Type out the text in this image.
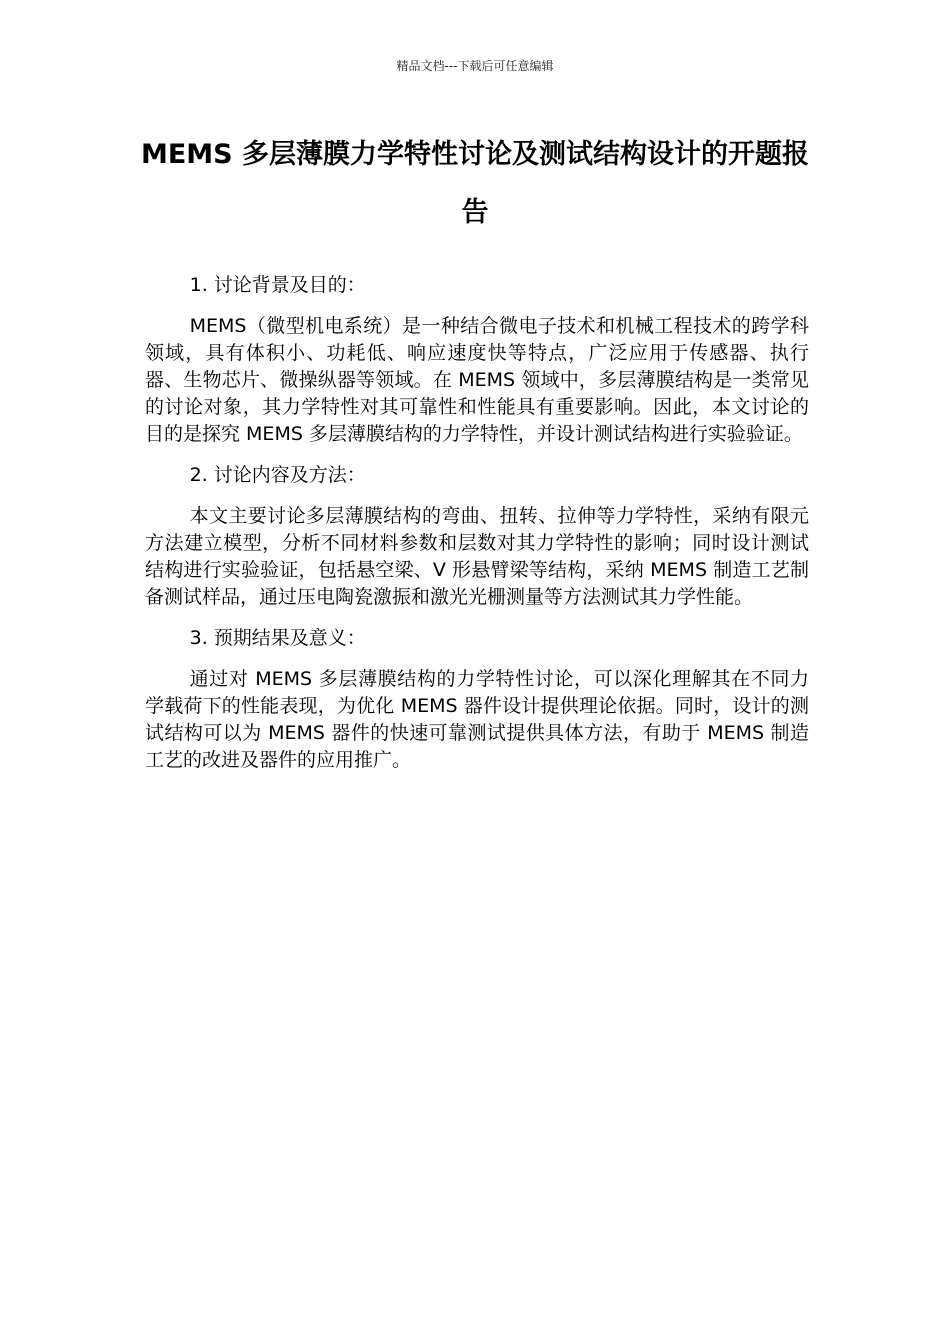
精品文档---下载后可任意编辑
MEMS 多层薄膜力学特性讨论及测试结构设计的开题报告

1. 讨论背景及目的：

MEMS（微型机电系统）是一种结合微电子技术和机械工程技术的跨学科领域，具有体积小、功耗低、响应速度快等特点，广泛应用于传感器、执行器、生物芯片、微操纵器等领域。在 MEMS 领域中，多层薄膜结构是一类常见的讨论对象，其力学特性对其可靠性和性能具有重要影响。因此，本文讨论的目的是探究 MEMS 多层薄膜结构的力学特性，并设计测试结构进行实验验证。

2. 讨论内容及方法：

本文主要讨论多层薄膜结构的弯曲、扭转、拉伸等力学特性，采纳有限元方法建立模型，分析不同材料参数和层数对其力学特性的影响；同时设计测试结构进行实验验证，包括悬空梁、V 形悬臂梁等结构，采纳 MEMS 制造工艺制备测试样品，通过压电陶瓷激振和激光光栅测量等方法测试其力学性能。

3. 预期结果及意义：

通过对 MEMS 多层薄膜结构的力学特性讨论，可以深化理解其在不同力学载荷下的性能表现，为优化 MEMS 器件设计提供理论依据。同时，设计的测试结构可以为 MEMS 器件的快速可靠测试提供具体方法，有助于 MEMS 制造工艺的改进及器件的应用推广。
